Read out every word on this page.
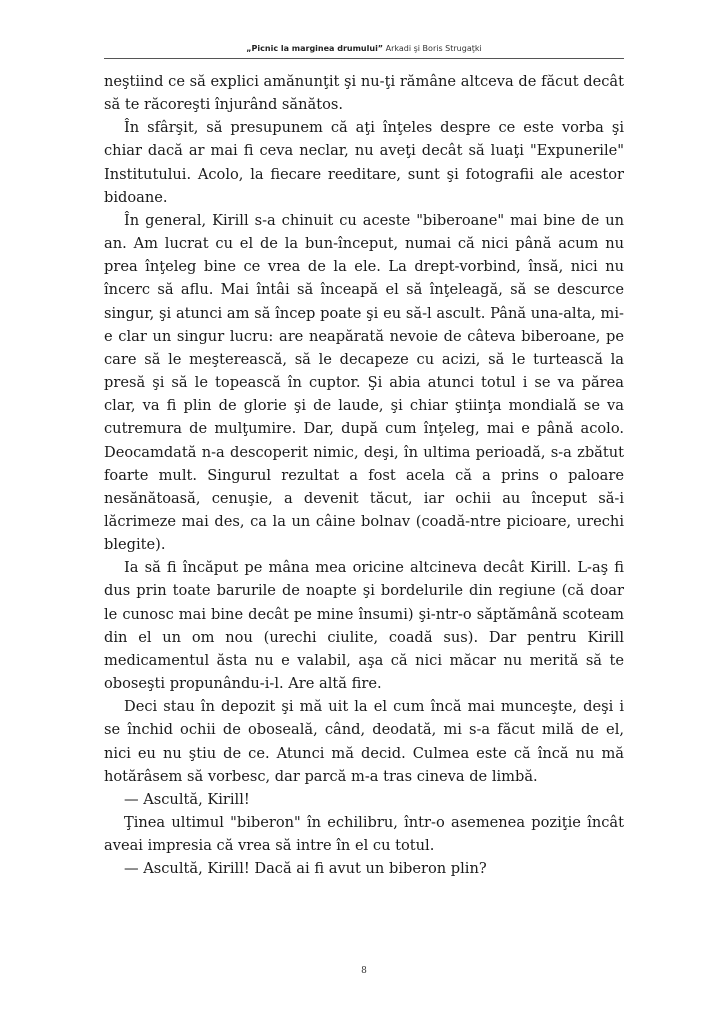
„Picnic la marginea drumului” Arkadi şi Boris Strugaţki

neştiind ce să explici amănunţit şi nu-ţi rămâne altceva de făcut decât să te răcoreşti înjurând sănătos.

În sfârşit, să presupunem că aţi înţeles despre ce este vorba şi chiar dacă ar mai fi ceva neclar, nu aveţi decât să luaţi "Expunerile" Institutului. Acolo, la fiecare reeditare, sunt şi fotografii ale acestor bidoane.

În general, Kirill s-a chinuit cu aceste "biberoane" mai bine de un an. Am lucrat cu el de la bun-început, numai că nici până acum nu prea înţeleg bine ce vrea de la ele. La drept-vorbind, însă, nici nu încerc să aflu. Mai întâi să înceapă el să înţeleagă, să se descurce singur, şi atunci am să încep poate şi eu să-l ascult. Până una-alta, mi-e clar un singur lucru: are neapărată nevoie de câteva biberoane, pe care să le meşterească, să le decapeze cu acizi, să le turtească la presă şi să le topească în cuptor. Şi abia atunci totul i se va părea clar, va fi plin de glorie şi de laude, şi chiar ştiinţa mondială se va cutremura de mulţumire. Dar, după cum înţeleg, mai e până acolo. Deocamdată n-a descoperit nimic, deşi, în ultima perioadă, s-a zbătut foarte mult. Singurul rezultat a fost acela că a prins o paloare nesănătoasă, cenuşie, a devenit tăcut, iar ochii au început să-i lăcrimeze mai des, ca la un câine bolnav (coadă-ntre picioare, urechi blegite).

Ia să fi încăput pe mâna mea oricine altcineva decât Kirill. L-aş fi dus prin toate barurile de noapte şi bordelurile din regiune (că doar le cunosc mai bine decât pe mine însumi) şi-ntr-o săptămână scoteam din el un om nou (urechi ciulite, coadă sus). Dar pentru Kirill medicamentul ăsta nu e valabil, aşa că nici măcar nu merită să te oboseşti propunându-i-l. Are altă fire.

Deci stau în depozit şi mă uit la el cum încă mai munceşte, deşi i se închid ochii de oboseală, când, deodată, mi s-a făcut milă de el, nici eu nu ştiu de ce. Atunci mă decid. Culmea este că încă nu mă hotărâsem să vorbesc, dar parcă m-a tras cineva de limbă.

— Ascultă, Kirill!

Ţinea ultimul "biberon" în echilibru, într-o asemenea poziţie încât aveai impresia că vrea să intre în el cu totul.

— Ascultă, Kirill! Dacă ai fi avut un biberon plin?

8
